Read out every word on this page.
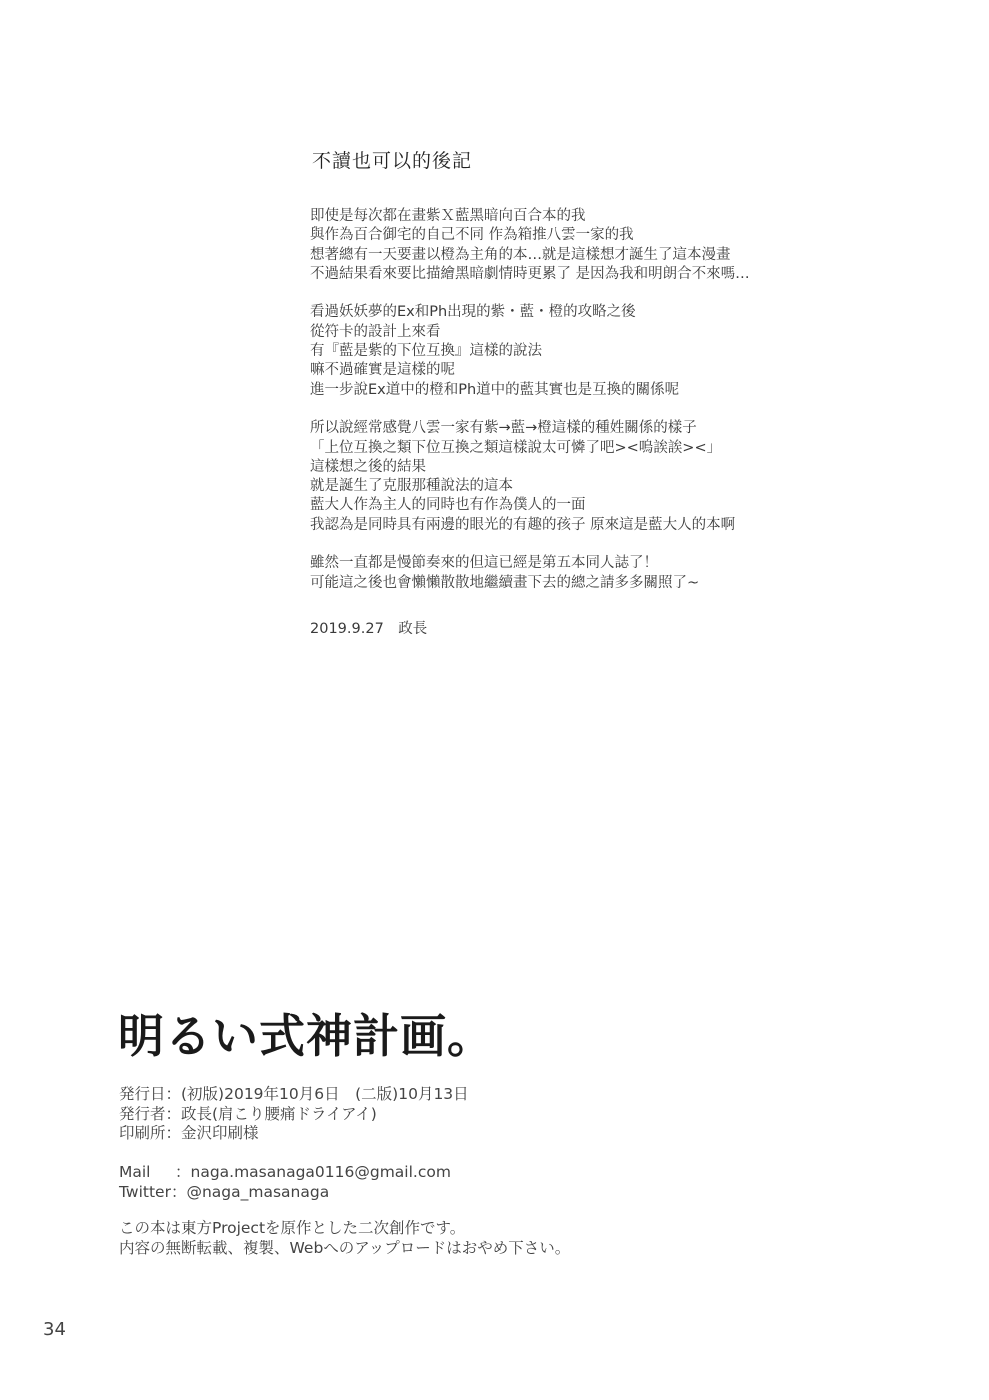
不讀也可以的後記
即使是每次都在畫紫Ｘ藍黑暗向百合本的我
與作為百合御宅的自己不同 作為箱推八雲一家的我
想著總有一天要畫以橙為主角的本…就是這樣想才誕生了這本漫畫
不過結果看來要比描繪黑暗劇情時更累了 是因為我和明朗合不來嗎…
看過妖妖夢的Ex和Ph出現的紫・藍・橙的攻略之後
從符卡的設計上來看
有『藍是紫的下位互換』這樣的說法
嘛不過確實是這樣的呢
進一步說Ex道中的橙和Ph道中的藍其實也是互換的關係呢
所以說經常感覺八雲一家有紫→藍→橙這樣的種姓關係的樣子
「上位互換之類下位互換之類這樣說太可憐了吧><嗚誒誒><」
這樣想之後的結果
就是誕生了克服那種說法的這本
藍大人作為主人的同時也有作為僕人的一面
我認為是同時具有兩邊的眼光的有趣的孩子 原來這是藍大人的本啊
雖然一直都是慢節奏來的但這已經是第五本同人誌了！
可能這之後也會懶懶散散地繼續畫下去的總之請多多關照了~
2019.9.27　政長
明るい式神計画。
発行日：(初版)2019年10月6日　(二版)10月13日
発行者：政長(肩こり腰痛ドライアイ)
印刷所：金沢印刷様
Mail ：naga.masanaga0116@gmail.com
Twitter：@naga_masanaga
この本は東方Projectを原作とした二次創作です。
内容の無断転載、複製、Webへのアップロードはおやめ下さい。
34
